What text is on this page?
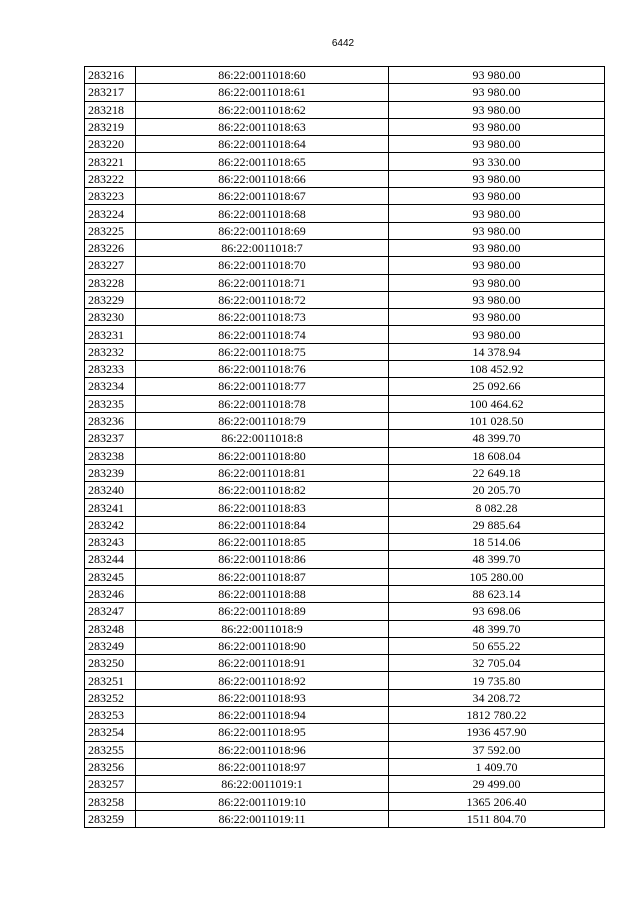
6442
283216	86:22:0011018:60	93 980.00
283217	86:22:0011018:61	93 980.00
283218	86:22:0011018:62	93 980.00
283219	86:22:0011018:63	93 980.00
283220	86:22:0011018:64	93 980.00
283221	86:22:0011018:65	93 330.00
283222	86:22:0011018:66	93 980.00
283223	86:22:0011018:67	93 980.00
283224	86:22:0011018:68	93 980.00
283225	86:22:0011018:69	93 980.00
283226	86:22:0011018:7	93 980.00
283227	86:22:0011018:70	93 980.00
283228	86:22:0011018:71	93 980.00
283229	86:22:0011018:72	93 980.00
283230	86:22:0011018:73	93 980.00
283231	86:22:0011018:74	93 980.00
283232	86:22:0011018:75	14 378.94
283233	86:22:0011018:76	108 452.92
283234	86:22:0011018:77	25 092.66
283235	86:22:0011018:78	100 464.62
283236	86:22:0011018:79	101 028.50
283237	86:22:0011018:8	48 399.70
283238	86:22:0011018:80	18 608.04
283239	86:22:0011018:81	22 649.18
283240	86:22:0011018:82	20 205.70
283241	86:22:0011018:83	8 082.28
283242	86:22:0011018:84	29 885.64
283243	86:22:0011018:85	18 514.06
283244	86:22:0011018:86	48 399.70
283245	86:22:0011018:87	105 280.00
283246	86:22:0011018:88	88 623.14
283247	86:22:0011018:89	93 698.06
283248	86:22:0011018:9	48 399.70
283249	86:22:0011018:90	50 655.22
283250	86:22:0011018:91	32 705.04
283251	86:22:0011018:92	19 735.80
283252	86:22:0011018:93	34 208.72
283253	86:22:0011018:94	1812 780.22
283254	86:22:0011018:95	1936 457.90
283255	86:22:0011018:96	37 592.00
283256	86:22:0011018:97	1 409.70
283257	86:22:0011019:1	29 499.00
283258	86:22:0011019:10	1365 206.40
283259	86:22:0011019:11	1511 804.70
